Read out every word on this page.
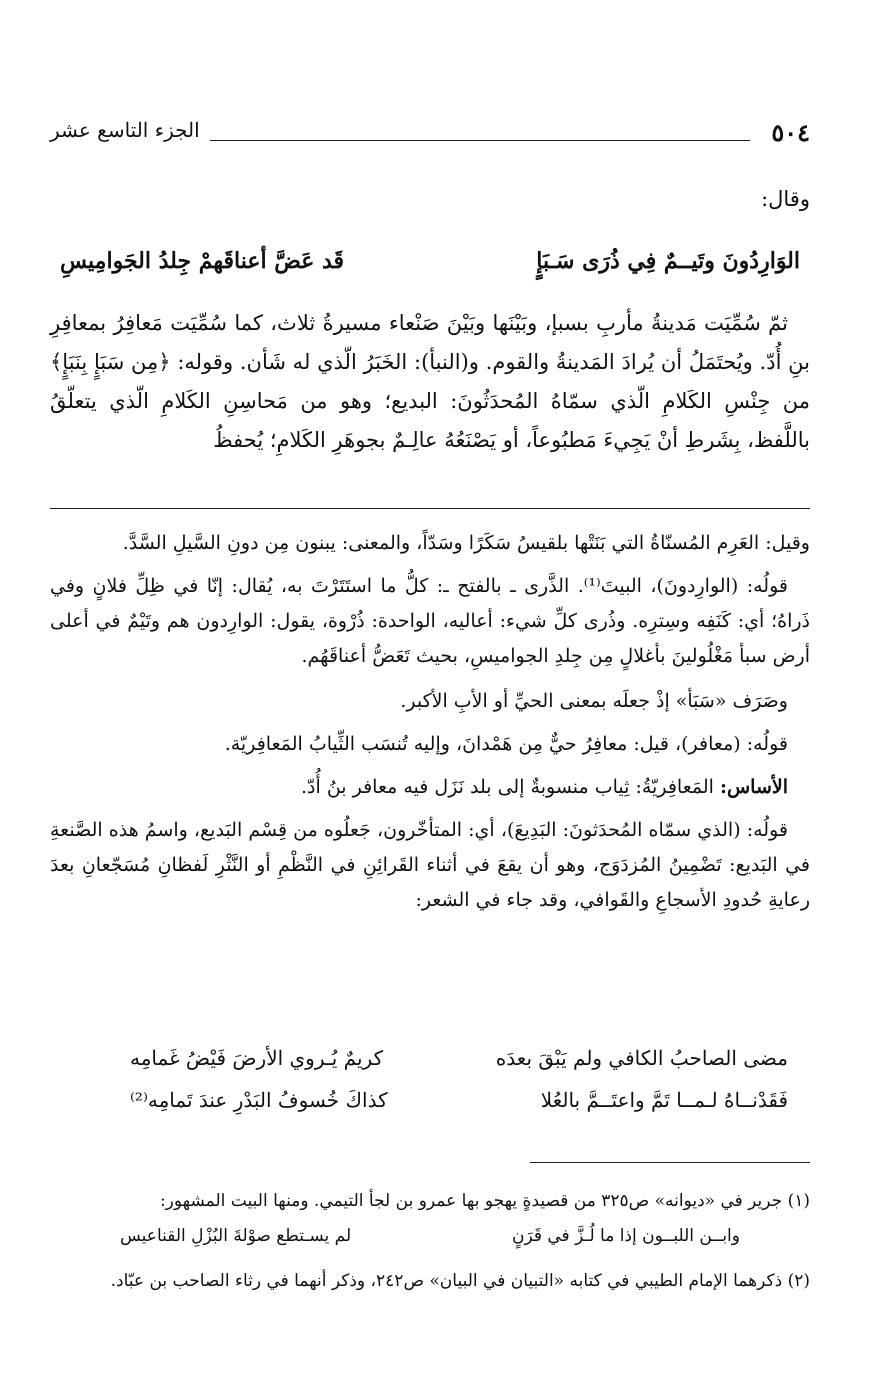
٥٠٤
الجزء التاسع عشر

وقال:

الوَارِدُونَ وتَيــمٌ فِي ذُرَى سَـبَإٍ
قَد عَضَّ أعناقَهمْ جِلدُ الجَوامِيسِ

ثمّ سُمِّيَت مَدينةُ مأربِ بسبإ، وبَيْنَها وبَيْنَ صَنْعاء مسيرةُ ثلاث، كما سُمِّيَت مَعافِرُ بمعافِرِ بنِ أُدّ. ويُحتَمَلُ أن يُرادَ المَدينةُ والقوم. و(النبأ): الخَبَرُ الّذي له شَأن. وقوله: ﴿مِن سَبَإٍ بِنَبَإٍ﴾ من جِنْسِ الكَلامِ الّذي سمّاهُ المُحدَثُونَ: البديع؛ وهو من مَحاسِنِ الكَلامِ الّذي يتعلّقُ باللَّفظ، بِشَرطِ أنْ يَجِيءَ مَطبُوعاً، أو يَصْنَعُهُ عالِـمٌ بجوهَرِ الكَلامِ؛ يُحفظُ

وقيل: العَرِم المُسنّاةُ التي بَنَتْها بلقيسُ سَكَرًا وسَدّاً، والمعنى: يبنون مِن دونِ السَّيلِ السَّدَّ.

قولُه: (الوارِدونَ)، البيتَ⁽¹⁾. الذَّرى ـ بالفتح ـ: كلُّ ما استَتَرْتَ به، يُقال: إنّا في ظِلِّ فلانٍ وفي ذَراهُ؛ أي: كَنَفِه وسِترِه. وذُرى كلِّ شيء: أعاليه، الواحدة: ذُرْوة، يقول: الوارِدون هم وتَيْمٌ في أعلى أرض سبأ مَغْلُولينَ بأغلالٍ مِن جِلدِ الجواميسِ، بحيث تَعَضُّ أعناقَهُم.

وصَرَف «سَبَأ» إذْ جعلَه بمعنى الحيِّ أو الأبِ الأكبر.

قولُه: (معافر)، قيل: معافِرُ حيٌّ مِن هَمْدانَ، وإليه تُنسَب الثِّيابُ المَعافِريّة.

الأساس: المَعافِريّةُ: ثِياب منسوبةٌ إلى بلد نَزَل فيه معافر بنُ أُدّ.

قولُه: (الذي سمّاه المُحدَثونَ: البَدِيعَ)، أي: المتأخّرون، جَعلُوه من قِسْم البَديع، واسمُ هذه الصَّنعةِ في البَديع: تَضْمِينُ المُزدَوَج، وهو أن يقعَ في أثناء القَرائِنِ في النَّظْمِ أو النَّثْرِ لَفظانِ مُسَجّعانِ بعدَ رعايةِ حُدودِ الأسجاعِ والقَوافي، وقد جاء في الشعر:

مضى الصاحبُ الكافي ولم يَبْقَ بعدَه
كريمٌ يُـروي الأرضَ فَيْضُ غَمامِه
فَقَدْنــاهُ لـمــا تَمَّ واعتَــمَّ بالعُلا
كذاكَ خُسوفُ البَدْرِ عندَ تَمامِه⁽²⁾
(١) جرير في «ديوانه» ص٣٢٥ من قصيدةٍ يهجو بها عمرو بن لجأ التيمي. ومنها البيت المشهور:
وابــن اللبــون إذا ما لُـزَّ في قَرَنٍ
لم يسـتطع صوْلةَ البُزْلِ القناعيس
(٢) ذكرهما الإمام الطيبي في كتابه «التبيان في البيان» ص٢٤٢، وذكر أنهما في رثاء الصاحب بن عبّاد.
